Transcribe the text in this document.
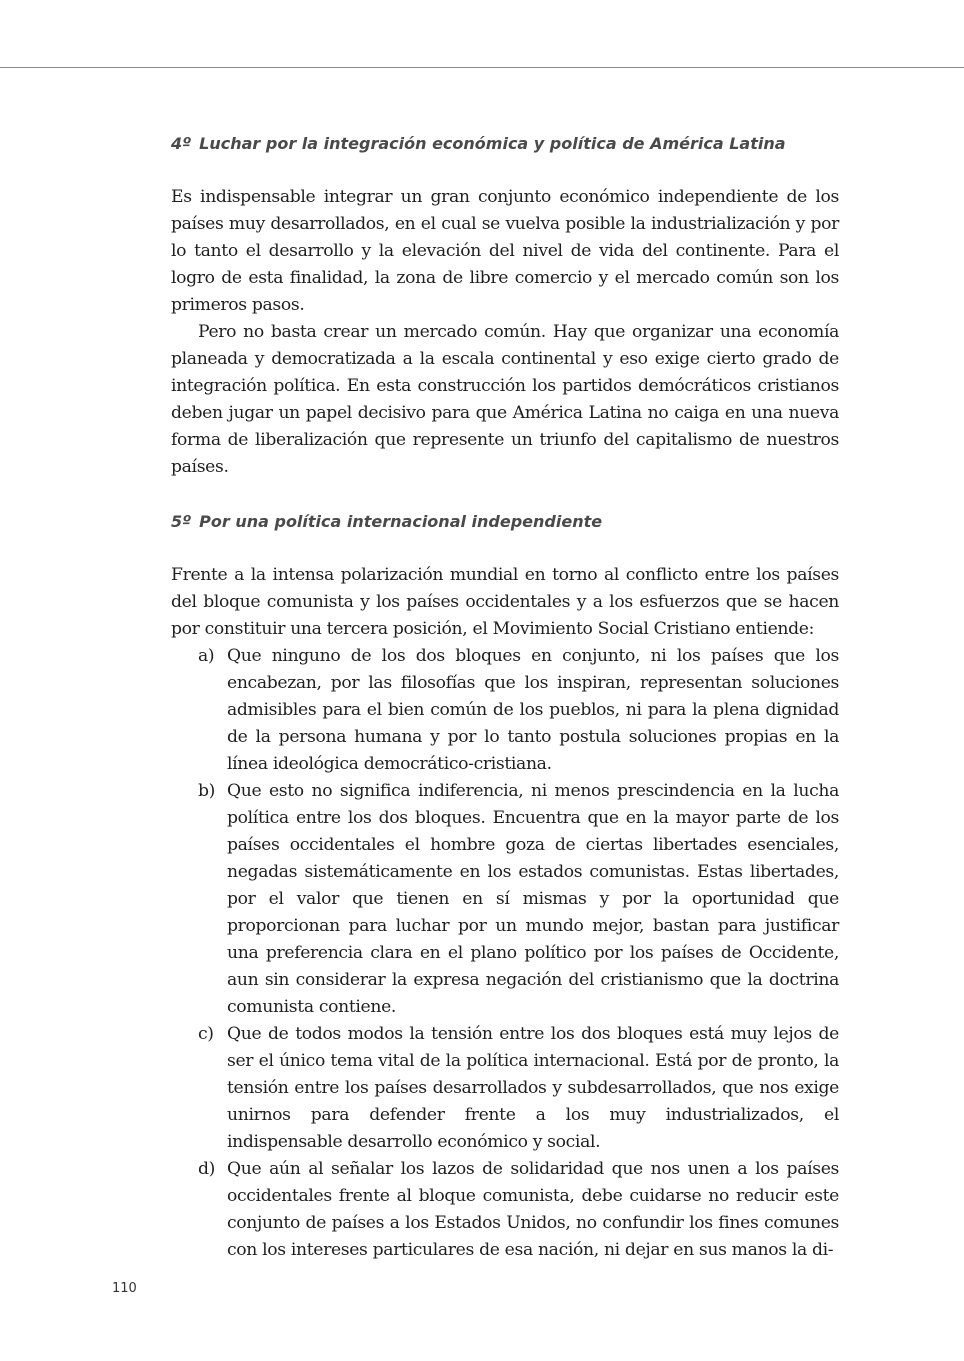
4º Luchar por la integración económica y política de América Latina

Es indispensable integrar un gran conjunto económico independiente de los países muy desarrollados, en el cual se vuelva posible la industrialización y por lo tanto el desarrollo y la elevación del nivel de vida del continente. Para el logro de esta finalidad, la zona de libre comercio y el mercado común son los primeros pasos.

Pero no basta crear un mercado común. Hay que organizar una economía planeada y democratizada a la escala continental y eso exige cierto grado de integración política. En esta construcción los partidos demócráticos cristianos deben jugar un papel decisivo para que América Latina no caiga en una nueva forma de liberalización que represente un triunfo del capitalismo de nuestros países.

5º Por una política internacional independiente

Frente a la intensa polarización mundial en torno al conflicto entre los países del bloque comunista y los países occidentales y a los esfuerzos que se hacen por constituir una tercera posición, el Movimiento Social Cristiano entiende:

a) Que ninguno de los dos bloques en conjunto, ni los países que los encabezan, por las filosofías que los inspiran, representan soluciones admisibles para el bien común de los pueblos, ni para la plena dignidad de la persona humana y por lo tanto postula soluciones propias en la línea ideológica democrático-cristiana.
b) Que esto no significa indiferencia, ni menos prescindencia en la lucha política entre los dos bloques. Encuentra que en la mayor parte de los países occidentales el hombre goza de ciertas libertades esenciales, negadas sistemáticamente en los estados comunistas. Estas libertades, por el valor que tienen en sí mismas y por la oportunidad que proporcionan para luchar por un mundo mejor, bastan para justificar una preferencia clara en el plano político por los países de Occidente, aun sin considerar la expresa negación del cristianismo que la doctrina comunista contiene.
c) Que de todos modos la tensión entre los dos bloques está muy lejos de ser el único tema vital de la política internacional. Está por de pronto, la tensión entre los países desarrollados y subdesarrollados, que nos exige unirnos para defender frente a los muy industrializados, el indispensable desarrollo económico y social.
d) Que aún al señalar los lazos de solidaridad que nos unen a los países occidentales frente al bloque comunista, debe cuidarse no reducir este conjunto de países a los Estados Unidos, no confundir los fines comunes con los intereses particulares de esa nación, ni dejar en sus manos la di-
110
